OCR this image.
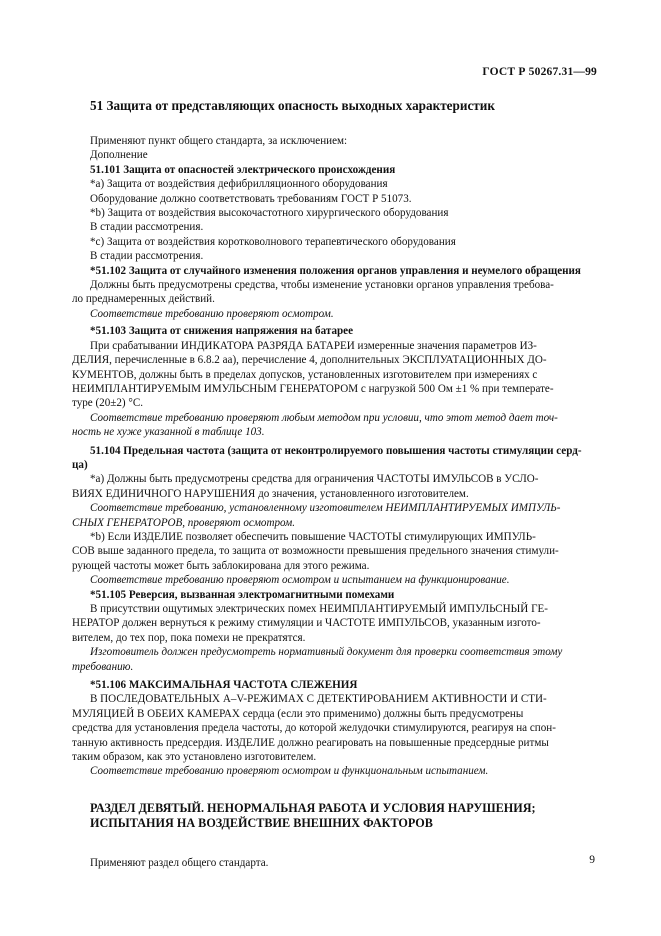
ГОСТ Р 50267.31—99
51 Защита от представляющих опасность выходных характеристик

Применяют пункт общего стандарта, за исключением:

Дополнение

51.101 Защита от опасностей электрического происхождения

*а) Защита от воздействия дефибрилляционного оборудования

Оборудование должно соответствовать требованиям ГОСТ Р 51073.

*b) Защита от воздействия высокочастотного хирургического оборудования

В стадии рассмотрения.

*с) Защита от воздействия коротковолнового терапевтического оборудования

В стадии рассмотрения.

*51.102 Защита от случайного изменения положения органов управления и неумелого обращения

Должны быть предусмотрены средства, чтобы изменение установки органов управления требова-

ло преднамеренных действий.

Соответствие требованию проверяют осмотром.

*51.103 Защита от снижения напряжения на батарее

При срабатывании ИНДИКАТОРА РАЗРЯДА БАТАРЕИ измеренные значения параметров ИЗ-

ДЕЛИЯ, перечисленные в 6.8.2 аа), перечисление 4, дополнительных ЭКСПЛУАТАЦИОННЫХ ДО-

КУМЕНТОВ, должны быть в пределах допусков, установленных изготовителем при измерениях с

НЕИМПЛАНТИРУЕМЫМ ИМУЛЬСНЫМ ГЕНЕРАТОРОМ с нагрузкой 500 Ом ±1 % при температе-

туре (20±2) °С.

Соответствие требованию проверяют любым методом при условии, что этот метод дает точ-

ность не хуже указанной в таблице 103.

51.104 Предельная частота (защита от неконтролируемого повышения частоты стимуляции серд-

ца)

*а) Должны быть предусмотрены средства для ограничения ЧАСТОТЫ ИМУЛЬСОВ в УСЛО-

ВИЯХ ЕДИНИЧНОГО НАРУШЕНИЯ до значения, установленного изготовителем.

Соответствие требованию, установленному изготовителем НЕИМПЛАНТИРУЕМЫХ ИМПУЛЬ-

СНЫХ ГЕНЕРАТОРОВ, проверяют осмотром.

*b) Если ИЗДЕЛИЕ позволяет обеспечить повышение ЧАСТОТЫ стимулирующих ИМПУЛЬ-

СОВ выше заданного предела, то защита от возможности превышения предельного значения стимули-

рующей частоты может быть заблокирована для этого режима.

Соответствие требованию проверяют осмотром и испытанием на функционирование.

*51.105 Реверсия, вызванная электромагнитными помехами

В присутствии ощутимых электрических помех НЕИМПЛАНТИРУЕМЫЙ ИМПУЛЬСНЫЙ ГЕ-

НЕРАТОР должен вернуться к режиму стимуляции и ЧАСТОТЕ ИМПУЛЬСОВ, указанным изгото-

вителем, до тех пор, пока помехи не прекратятся.

Изготовитель должен предусмотреть нормативный документ для проверки соответствия этому

требованию.

*51.106 МАКСИМАЛЬНАЯ ЧАСТОТА СЛЕЖЕНИЯ

В ПОСЛЕДОВАТЕЛЬНЫХ А–V-РЕЖИМАХ С ДЕТЕКТИРОВАНИЕМ АКТИВНОСТИ И СТИ-

МУЛЯЦИЕЙ В ОБЕИХ КАМЕРАХ сердца (если это применимо) должны быть предусмотрены

средства для установления предела частоты, до которой желудочки стимулируются, реагируя на спон-

танную активность предсердия. ИЗДЕЛИЕ должно реагировать на повышенные предсердные ритмы

таким образом, как это установлено изготовителем.

Соответствие требованию проверяют осмотром и функциональным испытанием.

РАЗДЕЛ ДЕВЯТЫЙ. НЕНОРМАЛЬНАЯ РАБОТА И УСЛОВИЯ НАРУШЕНИЯ;
ИСПЫТАНИЯ НА ВОЗДЕЙСТВИЕ ВНЕШНИХ ФАКТОРОВ

Применяют раздел общего стандарта.	9
